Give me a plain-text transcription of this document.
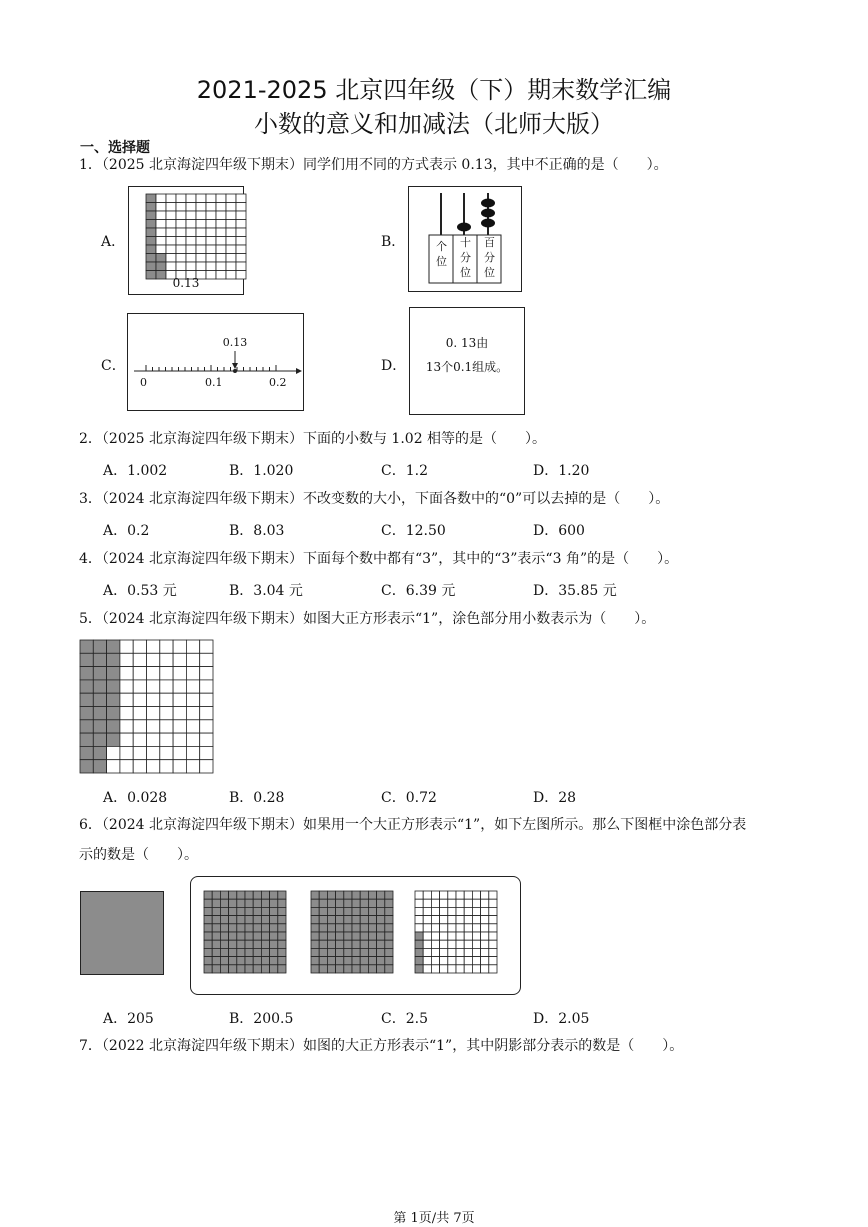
2021-2025 北京四年级（下）期末数学汇编
小数的意义和加减法（北师大版）
一、选择题
1．（2025 北京海淀四年级下期末）同学们用不同的方式表示 0.13，其中不正确的是（　　）。
A．
0.13
B．	个
位
十
分
位
百
分
位
C．
0.13
0	0.1	0.2
D．
0. 13由
13个0.1组成。
2．（2025 北京海淀四年级下期末）下面的小数与 1.02 相等的是（　　）。
A．1.002	B．1.020	C．1.2	D．1.20
3．（2024 北京海淀四年级下期末）不改变数的大小，下面各数中的“0”可以去掉的是（　　）。
A．0.2	B．8.03	C．12.50	D．600
4．（2024 北京海淀四年级下期末）下面每个数中都有“3”，其中的“3”表示“3 角”的是（　　）。
A．0.53 元	B．3.04 元	C．6.39 元	D．35.85 元
5．（2024 北京海淀四年级下期末）如图大正方形表示“1”，涂色部分用小数表示为（　　）。
A．0.028	B．0.28	C．0.72	D．28
6．（2024 北京海淀四年级下期末）如果用一个大正方形表示“1”，如下左图所示。那么下图框中涂色部分表
示的数是（　　）。
A．205	B．200.5	C．2.5	D．2.05
7．（2022 北京海淀四年级下期末）如图的大正方形表示“1”，其中阴影部分表示的数是（　　）。
第 1页/共 7页
